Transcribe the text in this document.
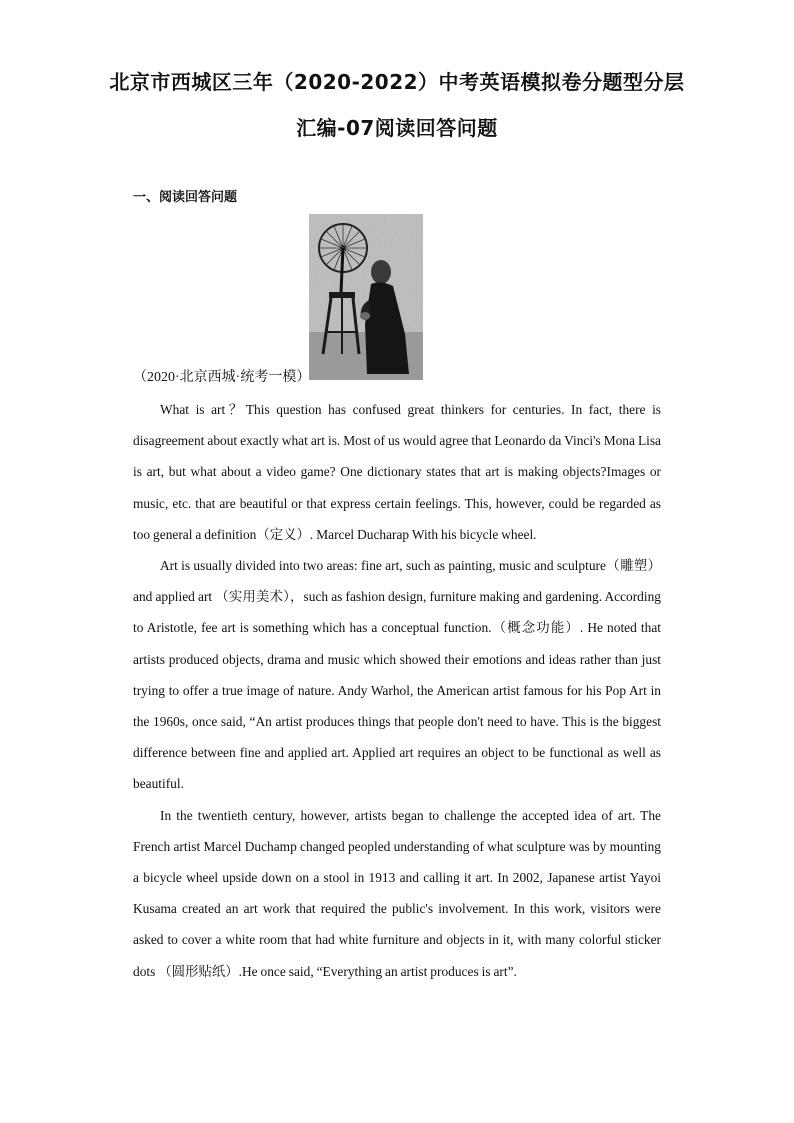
北京市西城区三年（2020-2022）中考英语模拟卷分题型分层
汇编-07阅读回答问题
一、阅读回答问题
（2020·北京西城·统考一模）

What is art？This question has confused great thinkers for centuries. In fact, there is disagreement about exactly what art is. Most of us would agree that Leonardo da Vinci's Mona Lisa is art, but what about a video game? One dictionary states that art is making objects?Images or music, etc. that are beautiful or that express certain feelings. This, however, could be regarded as too general a definition（定义）. Marcel Ducharap With his bicycle wheel.

Art is usually divided into two areas: fine art, such as painting, music and sculpture（雕塑）and applied art （实用美术），such as fashion design, furniture making and gardening. According to Aristotle, fee art is something which has a conceptual function.（概念功能）. He noted that artists produced objects, drama and music which showed their emotions and ideas rather than just trying to offer a true image of nature. Andy Warhol, the American artist famous for his Pop Art in the 1960s, once said, “An artist produces things that people don't need to have. This is the biggest difference between fine and applied art. Applied art requires an object to be functional as well as beautiful.

In the twentieth century, however, artists began to challenge the accepted idea of art. The French artist Marcel Duchamp changed peopled understanding of what sculpture was by mounting a bicycle wheel upside down on a stool in 1913 and calling it art. In 2002, Japanese artist Yayoi Kusama created an art work that required the public's involvement. In this work, visitors were asked to cover a white room that had white furniture and objects in it, with many colorful sticker dots （圆形贴纸）.He once said, “Everything an artist produces is art”.
